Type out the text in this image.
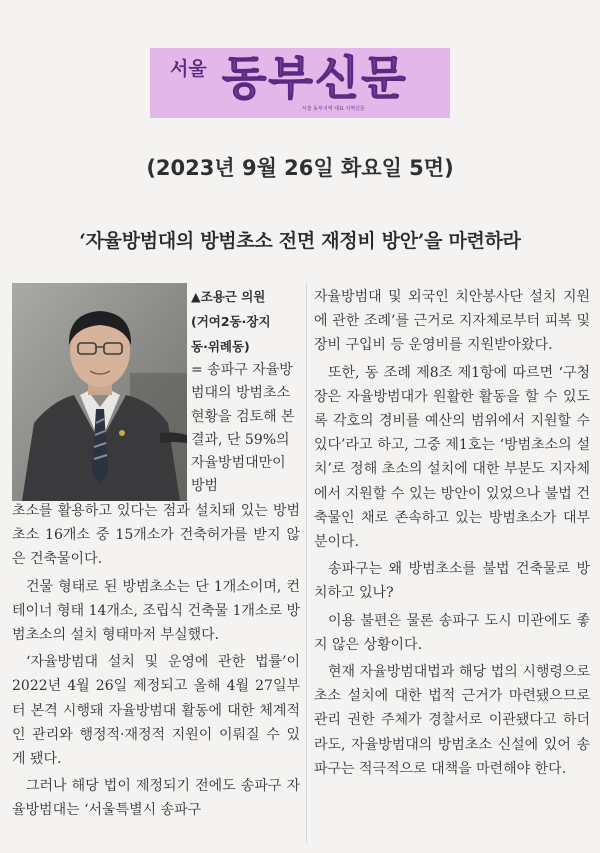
서울 동부신문
서울 동부지역 대표 지역신문
(2023년 9월 26일 화요일 5면)
‘자율방범대의 방범초소 전면 재정비 방안’을 마련하라
▲조용근 의원
(거여2동·장지
동·위례동)
= 송파구 자율방범대의 방범초소 현황을 검토해 본 결과, 단 59%의 자율방범대만이 방범

초소를 활용하고 있다는 점과 설치돼 있는 방범초소 16개소 중 15개소가 건축허가를 받지 않은 건축물이다.

건물 형태로 된 방범초소는 단 1개소이며, 컨테이너 형태 14개소, 조립식 건축물 1개소로 방범초소의 설치 형태마저 부실했다.

‘자율방범대 설치 및 운영에 관한 법률’이 2022년 4월 26일 제정되고 올해 4월 27일부터 본격 시행돼 자율방범대 활동에 대한 체계적인 관리와 행정적·재정적 지원이 이뤄질 수 있게 됐다.

그러나 해당 법이 제정되기 전에도 송파구 자율방범대는 ‘서울특별시 송파구

자율방범대 및 외국인 치안봉사단 설치 지원에 관한 조례’를 근거로 지자체로부터 피복 및 장비 구입비 등 운영비를 지원받아왔다.

또한, 동 조례 제8조 제1항에 따르면 ‘구청장은 자율방범대가 원활한 활동을 할 수 있도록 각호의 경비를 예산의 범위에서 지원할 수 있다’라고 하고, 그중 제1호는 ‘방범초소의 설치’로 정해 초소의 설치에 대한 부분도 지자체에서 지원할 수 있는 방안이 있었으나 불법 건축물인 채로 존속하고 있는 방범초소가 대부분이다.

송파구는 왜 방범초소를 불법 건축물로 방치하고 있나?

이용 불편은 물론 송파구 도시 미관에도 좋지 않은 상황이다.

현재 자율방범대법과 해당 법의 시행령으로 초소 설치에 대한 법적 근거가 마련됐으므로 관리 권한 주체가 경찰서로 이관됐다고 하더라도, 자율방범대의 방범초소 신설에 있어 송파구는 적극적으로 대책을 마련해야 한다.
